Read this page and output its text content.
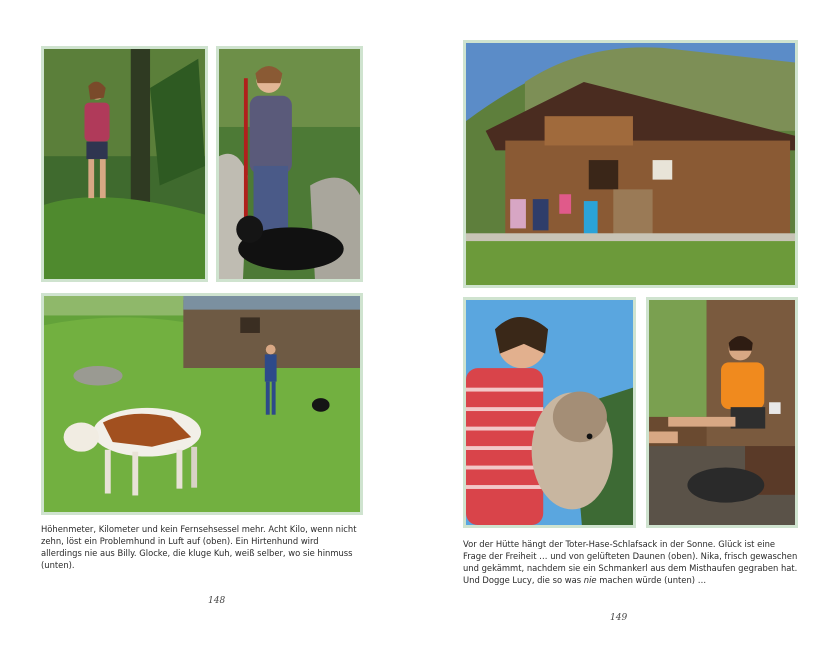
Höhenmeter, Kilometer und kein Fernsehsessel mehr. Acht Kilo, wenn nicht zehn, löst ein Problemhund in Luft auf (oben). Ein Hirtenhund wird allerdings nie aus Billy. Glocke, die kluge Kuh, weiß selber, wo sie hinmuss (unten).

148

Vor der Hütte hängt der Toter-Hase-Schlafsack in der Sonne. Glück ist eine Frage der Freiheit … und von gelüfteten Daunen (oben). Nika, frisch gewaschen und gekämmt, nachdem sie ein Schmankerl aus dem Misthaufen gegraben hat. Und Dogge Lucy, die so was nie machen würde (unten) …

149
